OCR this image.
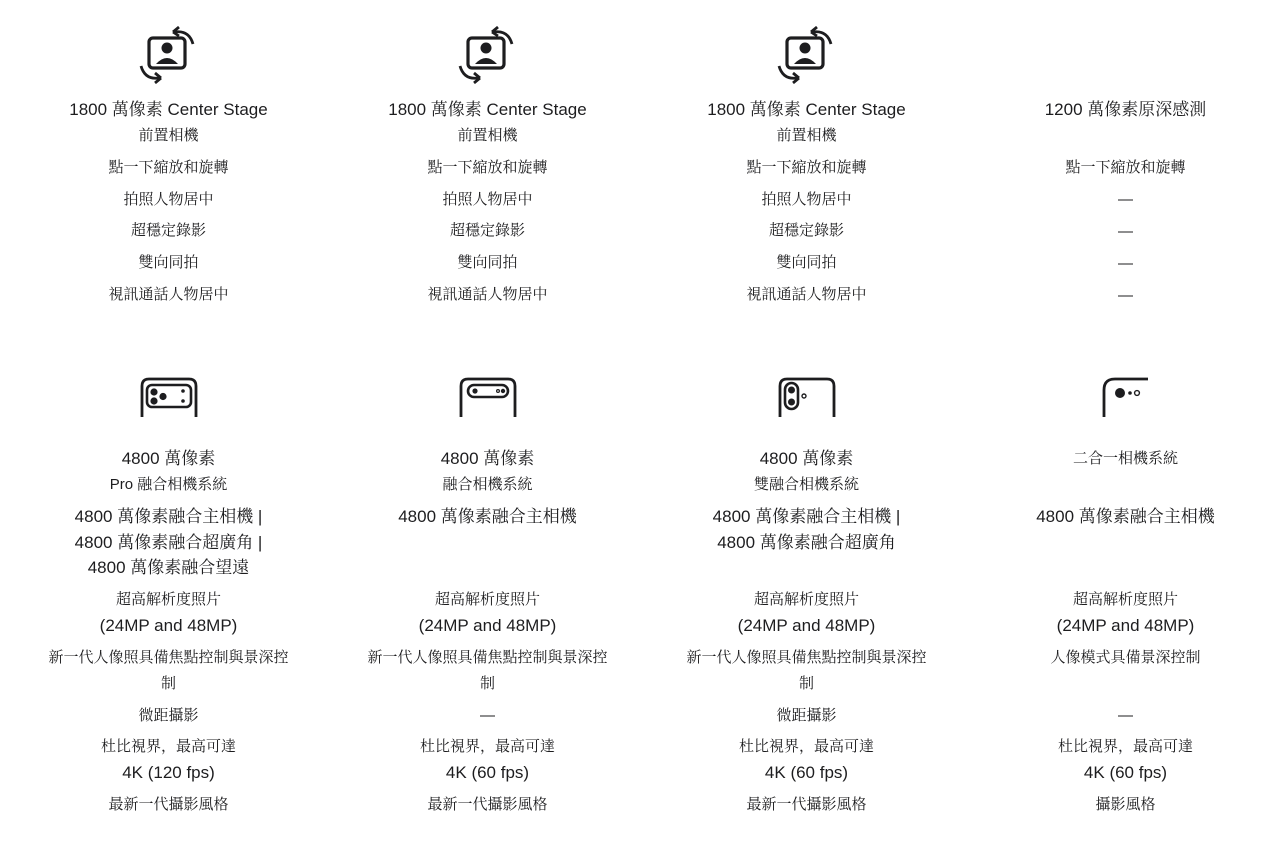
1800 萬像素 Center Stage
前置相機
點一下縮放和旋轉
拍照人物居中
超穩定錄影
雙向同拍
視訊通話人物居中
1800 萬像素 Center Stage
前置相機
點一下縮放和旋轉
拍照人物居中
超穩定錄影
雙向同拍
視訊通話人物居中
1800 萬像素 Center Stage
前置相機
點一下縮放和旋轉
拍照人物居中
超穩定錄影
雙向同拍
視訊通話人物居中
1200 萬像素原深感測
點一下縮放和旋轉
—
—
—
—
4800 萬像素
Pro 融合相機系統
4800 萬像素融合主相機 |
4800 萬像素融合超廣角 |
4800 萬像素融合望遠
超高解析度照片
(24MP and 48MP)
新一代人像照具備焦點控制與景深控
制
微距攝影
杜比視界，最高可達
4K (120 fps)
最新一代攝影風格
4800 萬像素
融合相機系統
4800 萬像素融合主相機
超高解析度照片
(24MP and 48MP)
新一代人像照具備焦點控制與景深控
制
—
杜比視界，最高可達
4K (60 fps)
最新一代攝影風格
4800 萬像素
雙融合相機系統
4800 萬像素融合主相機 |
4800 萬像素融合超廣角
超高解析度照片
(24MP and 48MP)
新一代人像照具備焦點控制與景深控
制
微距攝影
杜比視界，最高可達
4K (60 fps)
最新一代攝影風格
二合一相機系統
4800 萬像素融合主相機
超高解析度照片
(24MP and 48MP)
人像模式具備景深控制
—
杜比視界，最高可達
4K (60 fps)
攝影風格
